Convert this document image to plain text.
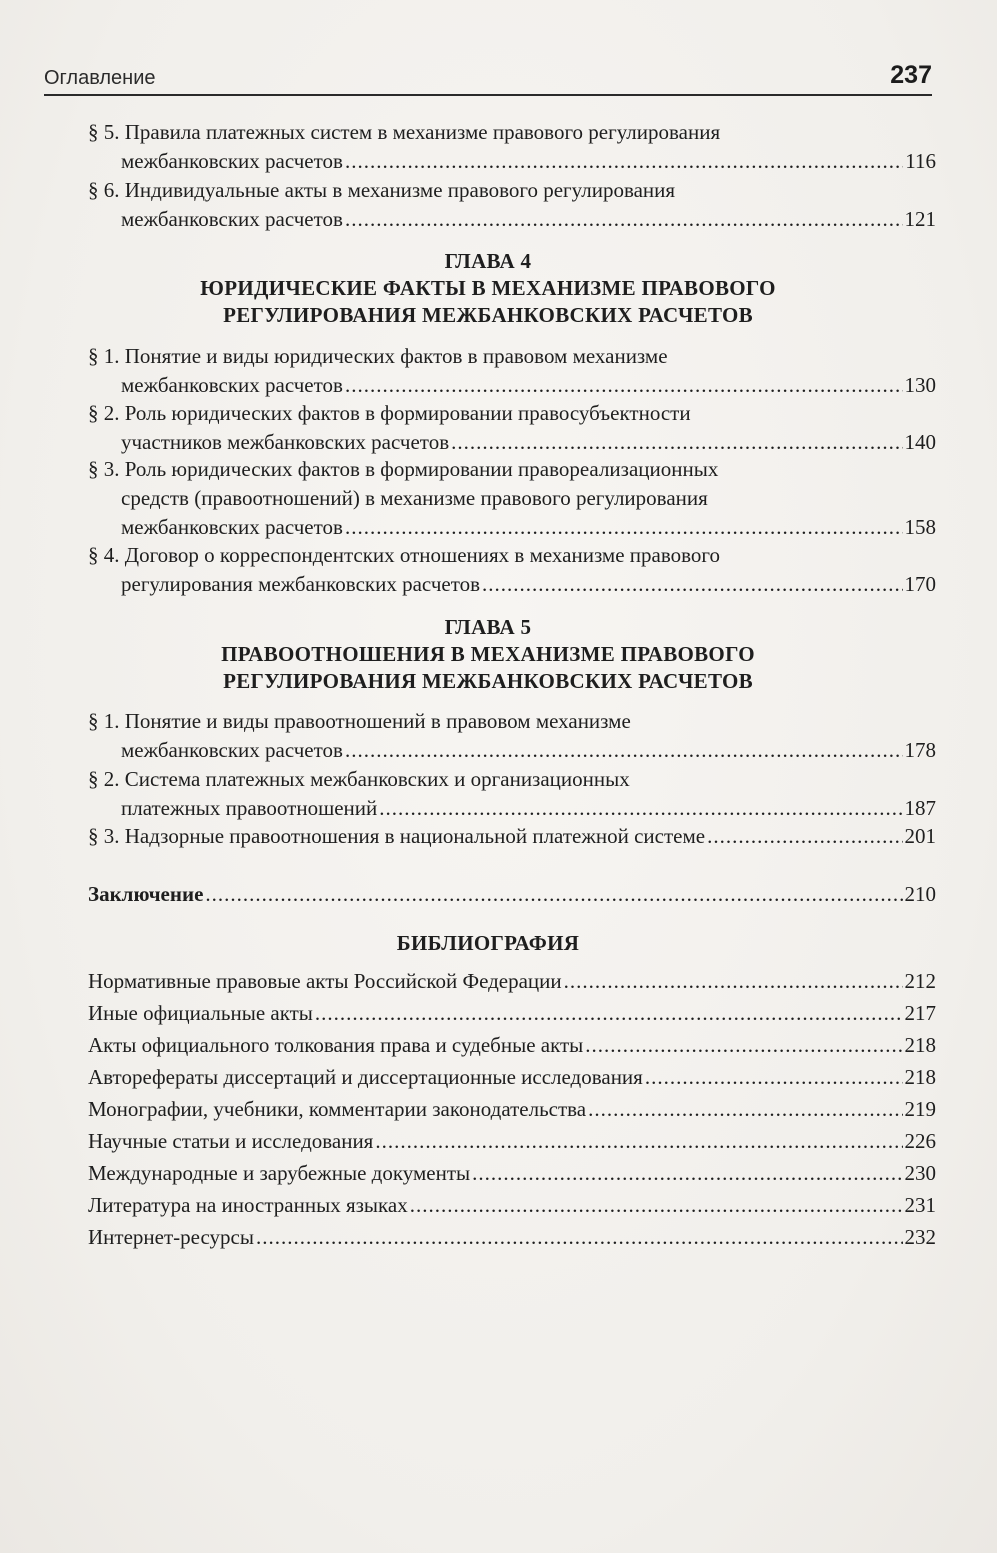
Оглавление	237
§ 5. Правила платежных систем в механизме правового регулирования
межбанковских расчетов .....	116
§ 6. Индивидуальные акты в механизме правового регулирования
межбанковских расчетов .....	121
ГЛАВА 4
ЮРИДИЧЕСКИЕ ФАКТЫ В МЕХАНИЗМЕ ПРАВОВОГО
РЕГУЛИРОВАНИЯ МЕЖБАНКОВСКИХ РАСЧЕТОВ
§ 1. Понятие и виды юридических фактов в правовом механизме
межбанковских расчетов .....	130
§ 2. Роль юридических фактов в формировании правосубъектности
участников межбанковских расчетов .....	140
§ 3. Роль юридических фактов в формировании правореализационных
средств (правоотношений) в механизме правового регулирования
межбанковских расчетов .....	158
§ 4. Договор о корреспондентских отношениях в механизме правового
регулирования межбанковских расчетов .....	170
ГЛАВА 5
ПРАВООТНОШЕНИЯ В МЕХАНИЗМЕ ПРАВОВОГО
РЕГУЛИРОВАНИЯ МЕЖБАНКОВСКИХ РАСЧЕТОВ
§ 1. Понятие и виды правоотношений в правовом механизме
межбанковских расчетов .....	178
§ 2. Система платежных межбанковских и организационных
платежных правоотношений .....	187
§ 3. Надзорные правоотношения в национальной платежной системе .....	201
Заключение .....	210
БИБЛИОГРАФИЯ
Нормативные правовые акты Российской Федерации .....	212
Иные официальные акты .....	217
Акты официального толкования права и судебные акты .....	218
Автореферaты диссертаций и диссертационные исследования .....	218
Монографии, учебники, комментарии законодательства .....	219
Научные статьи и исследования .....	226
Международные и зарубежные документы .....	230
Литература на иностранных языках .....	231
Интернет-ресурсы .....	232
